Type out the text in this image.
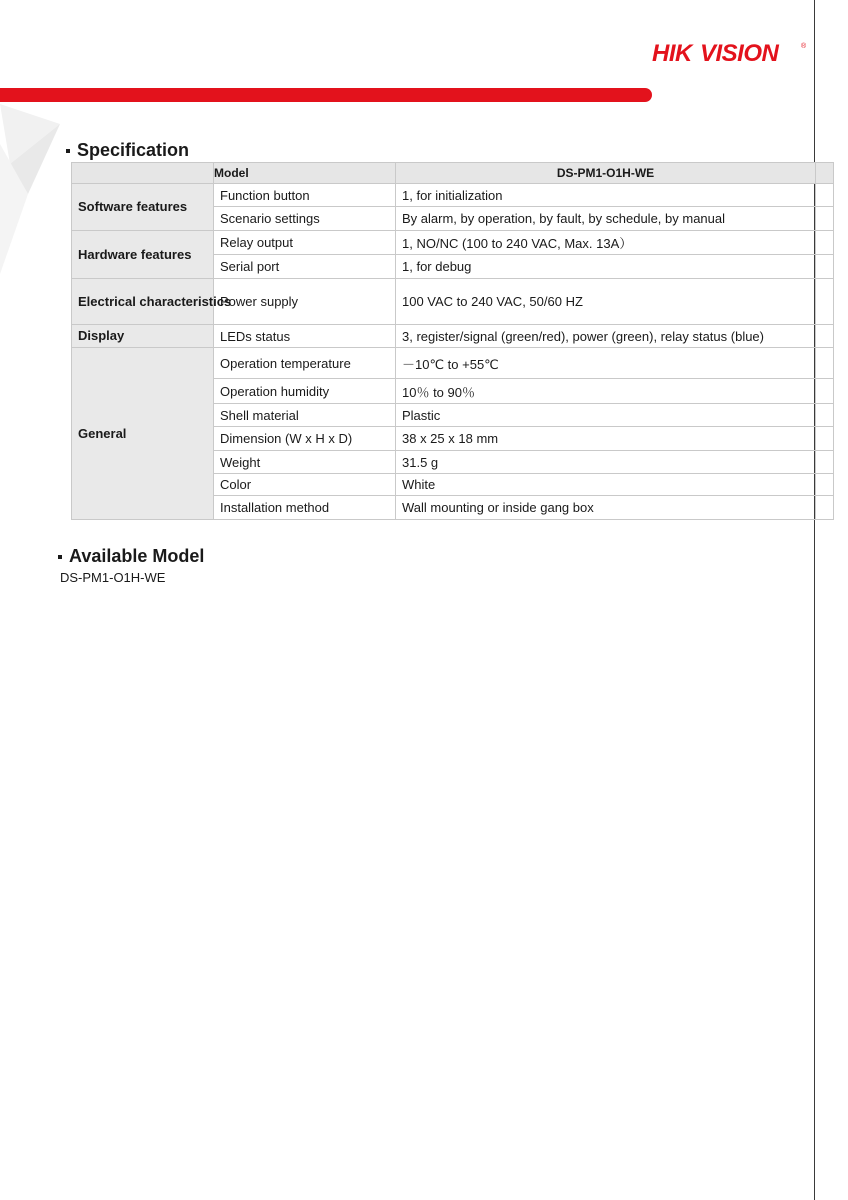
HIK VISION	®
Specification
	Model	DS-PM1-O1H-WE	
Software features	Function button	1, for initialization	
	Scenario settings	By alarm, by operation, by fault, by schedule, by manual	
Hardware features	Relay output	1, NO/NC (100 to 240 VAC, Max. 13A）	
	Serial port	1, for debug	
Electrical characteristics	Power supply	100 VAC to 240 VAC, 50/60 HZ	
Display	LEDs status	3, register/signal (green/red), power (green), relay status (blue)	
General	Operation temperature	－10℃ to +55℃	
	Operation humidity	10％ to 90％	
	Shell material	Plastic	
	Dimension (W x H x D)	38 x 25 x 18 mm	
	Weight	31.5 g	
	Color	White	
	Installation method	Wall mounting or inside gang box	
Available Model
DS-PM1-O1H-WE
